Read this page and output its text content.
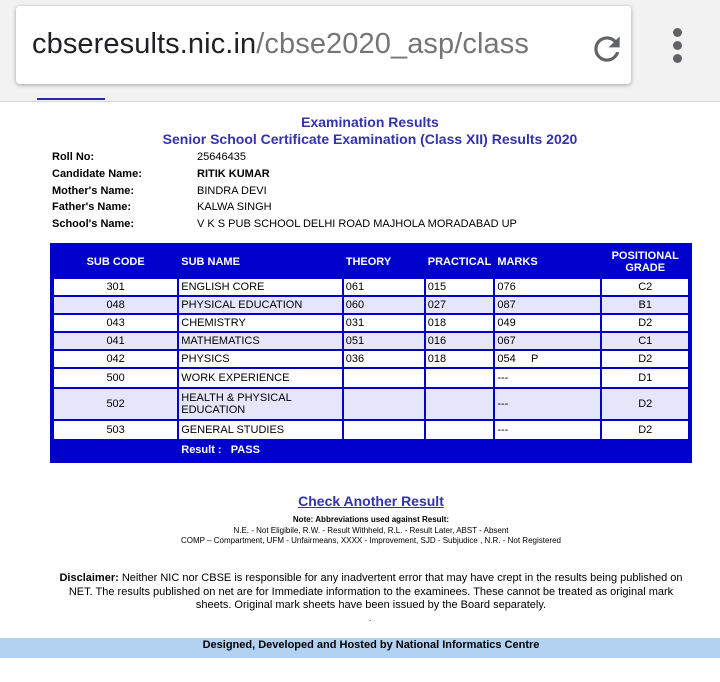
cbseresults.nic.in/cbse2020_asp/class
Examination Results
Senior School Certificate Examination (Class XII) Results 2020
Roll No:	25646435
Candidate Name:	RITIK KUMAR
Mother's Name:	BINDRA DEVI
Father's Name:	KALWA SINGH
School's Name:	V K S PUB SCHOOL DELHI ROAD MAJHOLA MORADABAD UP
SUB CODE	SUB NAME	THEORY	PRACTICAL	MARKS	POSITIONAL GRADE
301	ENGLISH CORE	061	015	076	C2
048	PHYSICAL EDUCATION	060	027	087	B1
043	CHEMISTRY	031	018	049	D2
041	MATHEMATICS	051	016	067	C1
042	PHYSICS	036	018	054     P	D2
500	WORK EXPERIENCE			---	D1
502	HEALTH & PHYSICAL EDUCATION			---	D2
503	GENERAL STUDIES			---	D2
	Result : PASS				
Check Another Result
Note: Abbreviations used against Result:
N.E. - Not Eligibile, R.W. - Result Withheld, R.L. - Result Later, ABST - Absent
COMP – Compartment, UFM - Unfairmeans, XXXX - Improvement, SJD - Subjudice , N.R. - Not Registered
Disclaimer: Neither NIC nor CBSE is responsible for any inadvertent error that may have crept in the results being published on NET. The results published on net are for Immediate information to the examinees. These cannot be treated as original mark sheets. Original mark sheets have been issued by the Board separately.
.
Designed, Developed and Hosted by National Informatics Centre
